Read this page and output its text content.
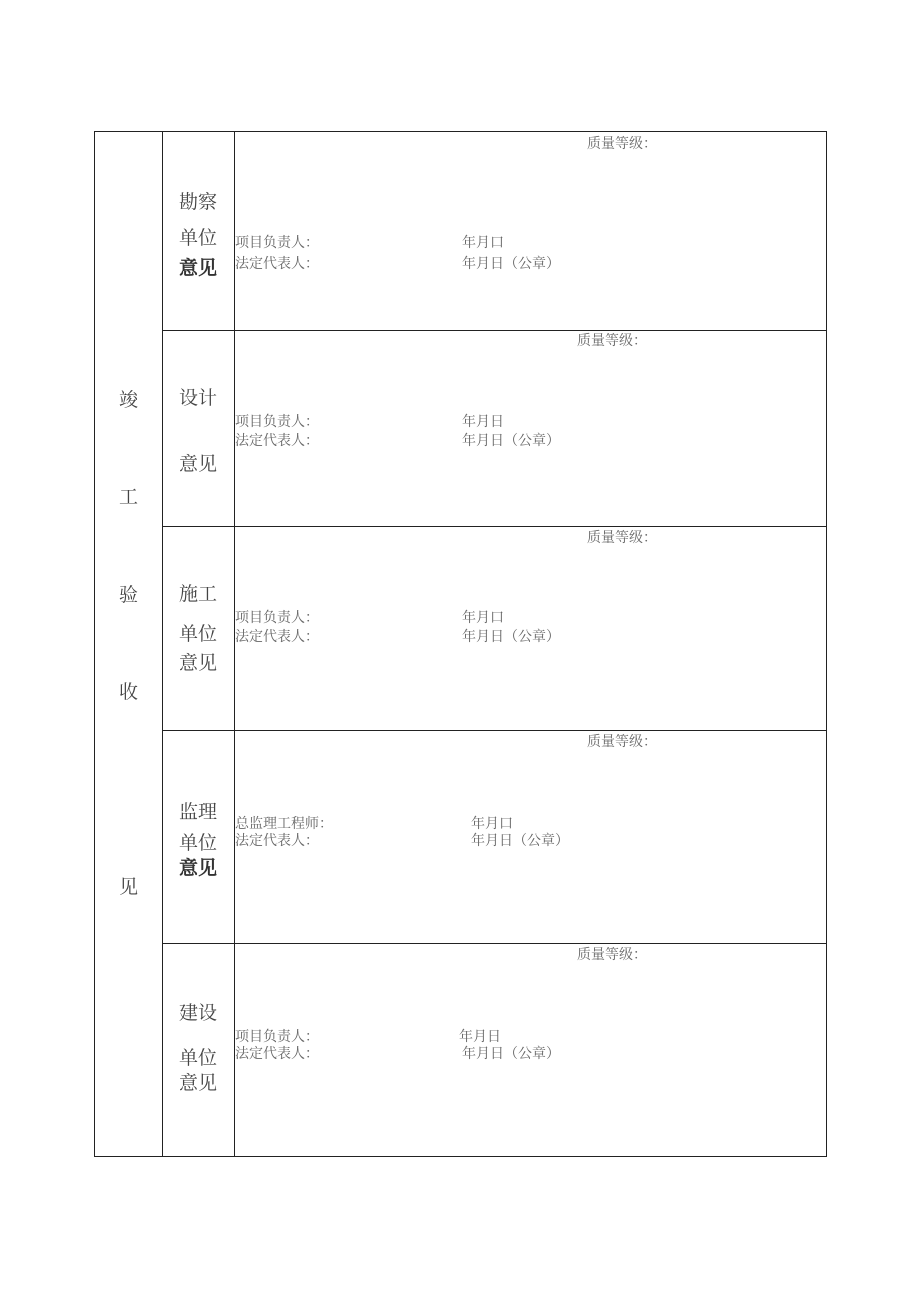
竣
工
验
收
见
勘察
单位
意见
质量等级：
项目负责人：	年月口
法定代表人：	年月日（公章）
设计
意见
质量等级：
项目负责人：	年月日
法定代表人：	年月日（公章）
施工
单位
意见
质量等级：
项目负责人：	年月口
法定代表人：	年月日（公章）
监理
单位
意见
质量等级：
总监理工程师：	年月口
法定代表人：	年月日（公章）
建设
单位
意见
质量等级：
项目负责人：	年月日
法定代表人：	年月日（公章）
